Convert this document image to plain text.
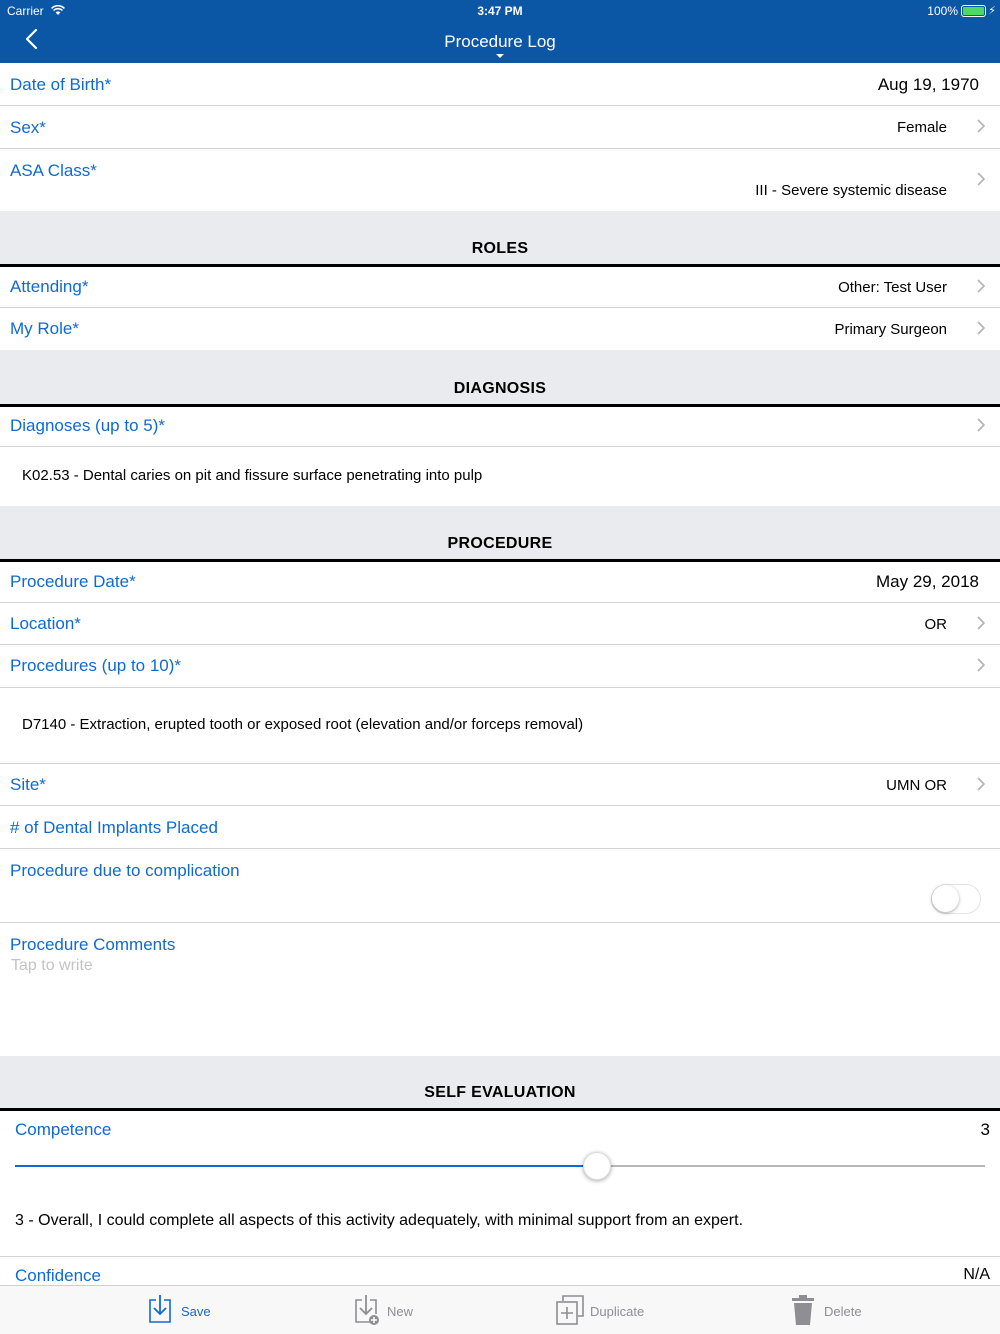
Carrier	3:47 PM	100%	⚡
Procedure Log
Date of Birth*	Aug 19, 1970
Sex*	Female
ASA Class*
III - Severe systemic disease
ROLES
Attending*	Other: Test User
My Role*	Primary Surgeon
DIAGNOSIS
Diagnoses (up to 5)*
K02.53 - Dental caries on pit and fissure surface penetrating into pulp
PROCEDURE
Procedure Date*	May 29, 2018
Location*	OR
Procedures (up to 10)*
D7140 - Extraction, erupted tooth or exposed root (elevation and/or forceps removal)
Site*	UMN OR
# of Dental Implants Placed
Procedure due to complication
Procedure Comments
Tap to write
SELF EVALUATION
Competence	3
3 - Overall, I could complete all aspects of this activity adequately, with minimal support from an expert.
Confidence	N/A
Save	New	Duplicate	Delete
